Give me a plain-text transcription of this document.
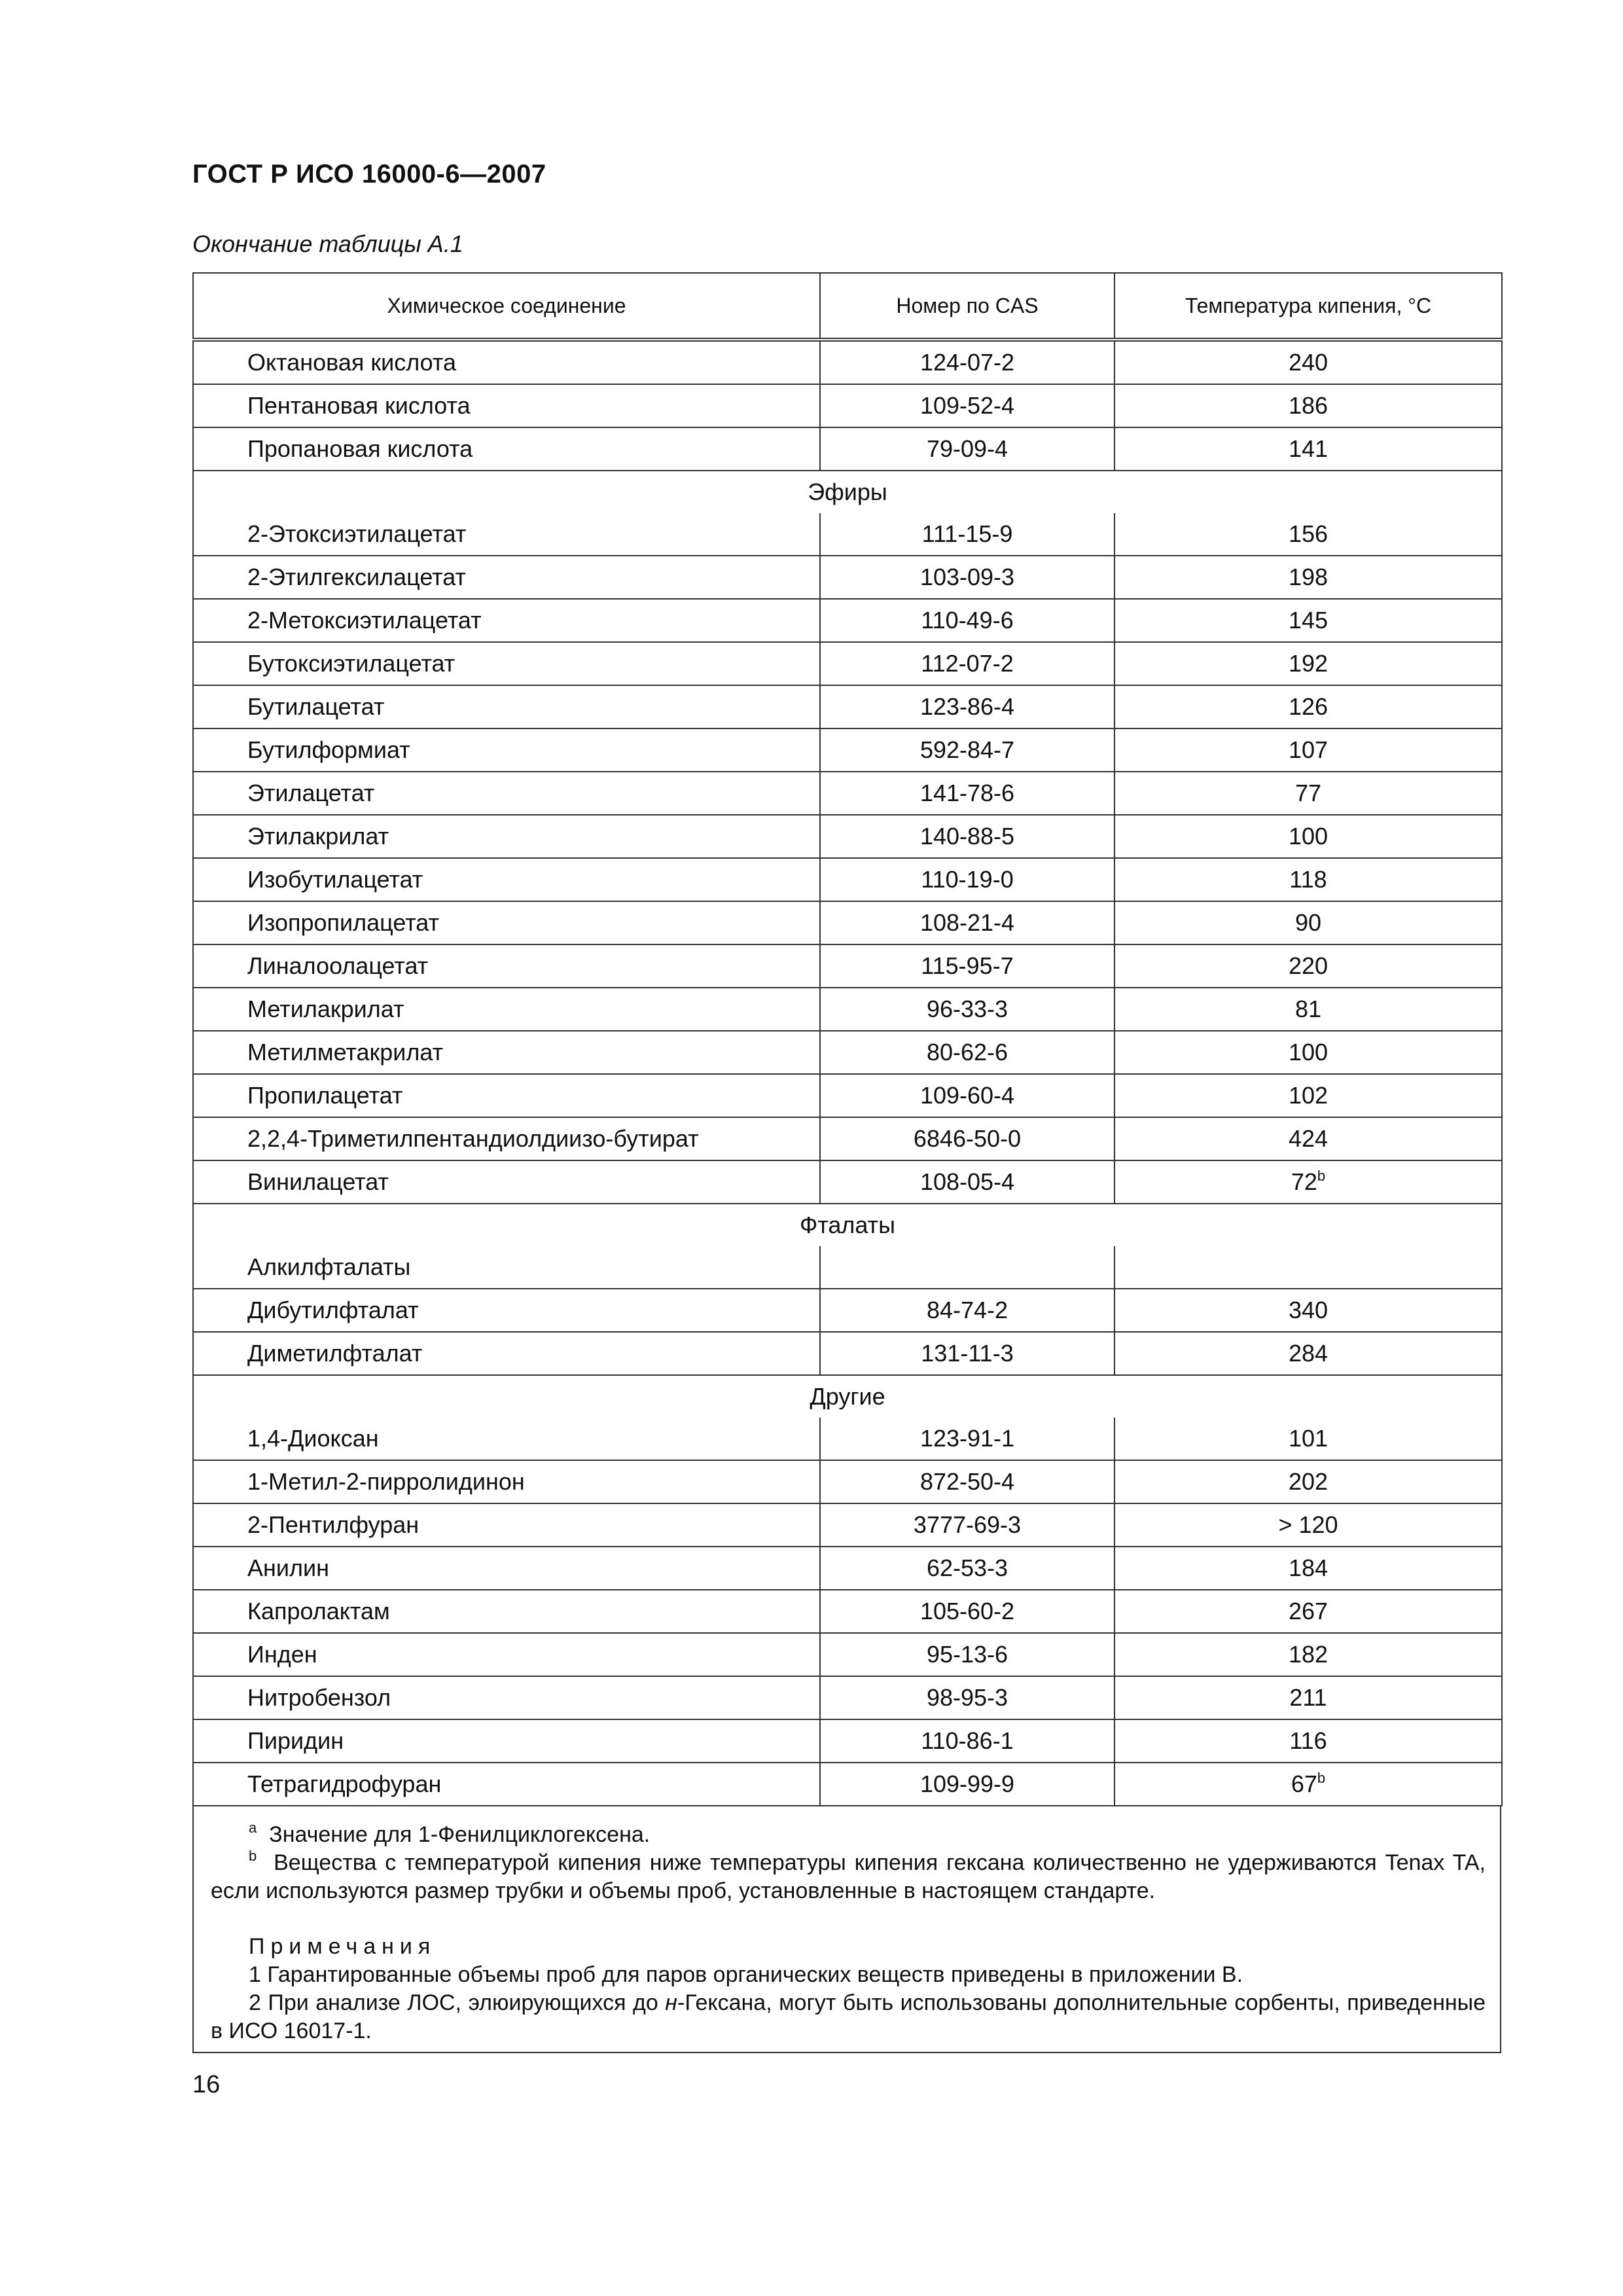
ГОСТ Р ИСО 16000-6—2007
Окончание таблицы А.1
Химическое соединение	Номер по CAS	Температура кипения, °C
Октановая кислота	124-07-2	240
Пентановая кислота	109-52-4	186
Пропановая кислота	79-09-4	141
Эфиры		
2-Этоксиэтилацетат	111-15-9	156
2-Этилгексилацетат	103-09-3	198
2-Метоксиэтилацетат	110-49-6	145
Бутоксиэтилацетат	112-07-2	192
Бутилацетат	123-86-4	126
Бутилформиат	592-84-7	107
Этилацетат	141-78-6	77
Этилакрилат	140-88-5	100
Изобутилацетат	110-19-0	118
Изопропилацетат	108-21-4	90
Линалоолацетат	115-95-7	220
Метилакрилат	96-33-3	81
Метилметакрилат	80-62-6	100
Пропилацетат	109-60-4	102
2,2,4-Триметилпентандиолдиизо-бутират	6846-50-0	424
Винилацетат	108-05-4	72$^b$
Фталаты		
Алкилфталаты		
Дибутилфталат	84-74-2	340
Диметилфталат	131-11-3	284
Другие		
1,4-Диоксан	123-91-1	101
1-Метил-2-пирролидинон	872-50-4	202
2-Пентилфуран	3777-69-3	> 120
Анилин	62-53-3	184
Капролактам	105-60-2	267
Инден	95-13-6	182
Нитробензол	98-95-3	211
Пиридин	110-86-1	116
Тетрагидрофуран	109-99-9	67$^b$

$^a$ Значение для 1-Фенилциклогексена.

$^b$ Вещества с температурой кипения ниже температуры кипения гексана количественно не удерживаются Tenax TA, если используются размер трубки и объемы проб, установленные в настоящем стандарте.

Примечания

1 Гарантированные объемы проб для паров органических веществ приведены в приложении В.

2 При анализе ЛОС, элюирующихся до н-Гексана, могут быть использованы дополнительные сорбенты, приведенные в ИСО 16017-1.

16
